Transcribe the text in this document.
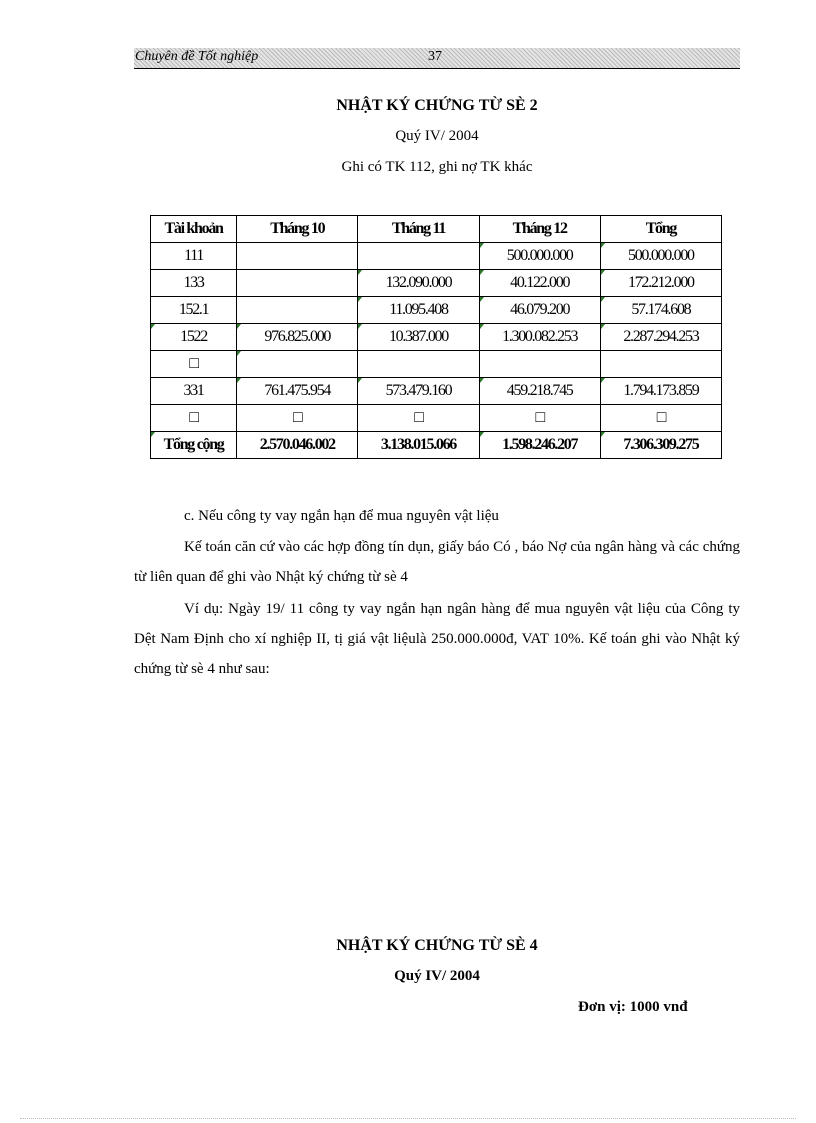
Chuyên đề Tốt nghiệp	37
NHẬT KÝ CHỨNG TỪ SÈ 2
Quý IV/ 2004
Ghi có TK 112, ghi nợ TK khác
Tài khoản	Tháng 10	Tháng 11	Tháng 12	Tổng
111			500.000.000	500.000.000
133		132.090.000	40.122.000	172.212.000
152.1		11.095.408	46.079.200	57.174.608
1522	976.825.000	10.387.000	1.300.082.253	2.287.294.253
□				
331	761.475.954	573.479.160	459.218.745	1.794.173.859
□	□	□	□	□
Tổng cộng	2.570.046.002	3.138.015.066	1.598.246.207	7.306.309.275
c. Nếu công ty vay ngắn hạn để mua nguyên vật liệu
Kế toán căn cứ vào các hợp đồng tín dụn, giấy báo Có , báo Nợ của ngân hàng và các chứng từ liên quan để ghi vào Nhật ký chứng từ sè 4
Ví dụ: Ngày 19/ 11 công ty vay ngắn hạn ngân hàng để mua nguyên vật liệu của Công ty Dệt Nam Định cho xí nghiệp II, tị giá vật liệulà 250.000.000đ, VAT 10%. Kế toán ghi vào Nhật ký chứng từ sè 4 như sau:
NHẬT KÝ CHỨNG TỪ SÈ 4
Quý IV/ 2004
Đơn vị: 1000 vnđ
